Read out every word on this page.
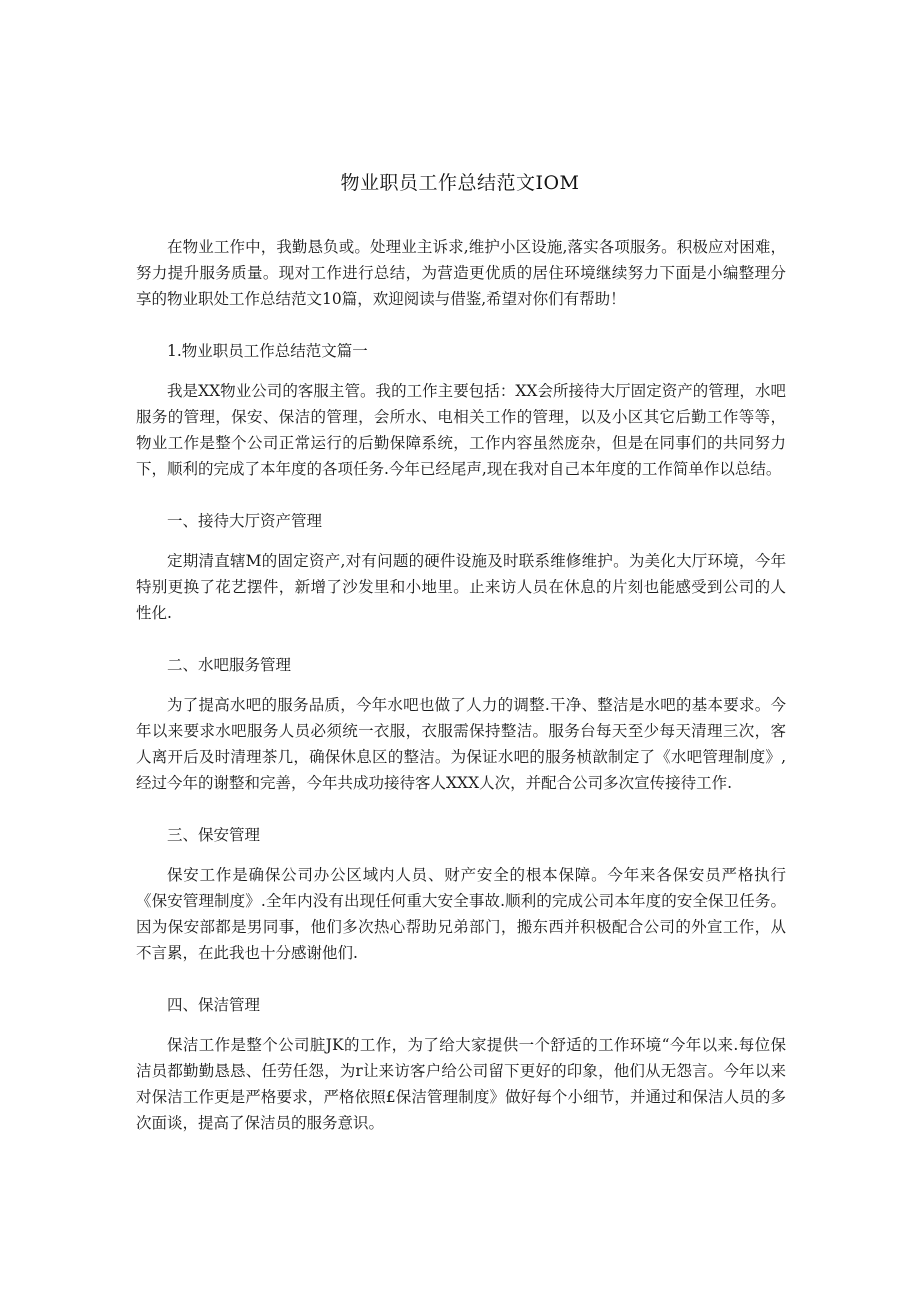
物业职员工作总结范文IOM

在物业工作中，我勤恳负或。处理业主诉求,维护小区设施,落实各项服务。积极应对困难，努力提升服务质量。现对工作进行总结，为营造更优质的居住环境继续努力下面是小编整理分享的物业职处工作总结范文10篇，欢迎阅读与借鉴,希望对你们有帮助！

1.物业职员工作总结范文篇一

我是XX物业公司的客服主管。我的工作主要包括：XX会所接待大厅固定资产的管理，水吧服务的管理，保安、保洁的管理，会所水、电相关工作的管理，以及小区其它后勤工作等等，物业工作是整个公司正常运行的后勤保障系统，工作内容虽然庞杂，但是在同事们的共同努力下，顺利的完成了本年度的各项任务.今年已经尾声,现在我对自己本年度的工作简单作以总结。

一、接待大厅资产管理

定期清直辖M的固定资产,对有问题的硬件设施及时联系维修维护。为美化大厅环境，今年特别更换了花艺摆件，新增了沙发里和小地里。止来访人员在休息的片刻也能感受到公司的人性化.

二、水吧服务管理

为了提高水吧的服务品质，今年水吧也做了人力的调整.干净、整洁是水吧的基本要求。今年以来要求水吧服务人员必须统一衣服，衣服需保持整洁。服务台每天至少每天清理三次，客人离开后及时清理茶几，确保休息区的整洁。为保证水吧的服务桢歆制定了《水吧管理制度》,经过今年的谢整和完善，今年共成功接待客人XXX人次，并配合公司多次宣传接待工作.

三、保安管理

保安工作是确保公司办公区域内人员、财产安全的根本保障。今年来各保安员严格执行《保安管理制度》.全年内没有出现任何重大安全事故.顺利的完成公司本年度的安全保卫任务。因为保安部都是男同事，他们多次热心帮助兄弟部门，搬东西并积极配合公司的外宣工作，从不言累，在此我也十分感谢他们.

四、保洁管理

保洁工作是整个公司脏JK的工作，为了给大家提供一个舒适的工作环境“今年以来.每位保洁员都勤勤恳恳、任劳任怨，为r让来访客户给公司留下更好的印象，他们从无怨言。今年以来对保洁工作更是严格要求，严格依照£保洁管理制度》做好每个小细节，并通过和保洁人员的多次面谈，提高了保洁员的服务意识。
